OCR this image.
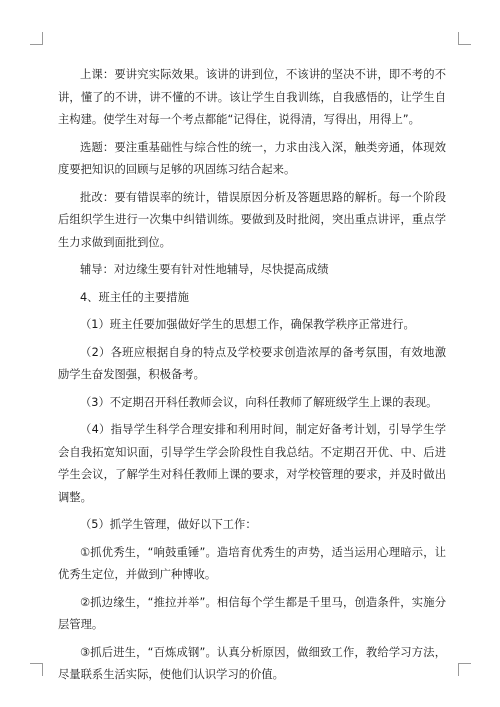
上课：要讲究实际效果。该讲的讲到位，不该讲的坚决不讲，即不考的不讲，懂了的不讲，讲不懂的不讲。该让学生自我训练，自我感悟的，让学生自主构建。使学生对每一个考点都能“记得住，说得清，写得出，用得上”。

选题：要注重基础性与综合性的统一，力求由浅入深，触类旁通，体现效度要把知识的回顾与足够的巩固练习结合起来。

批改：要有错误率的统计，错误原因分析及答题思路的解析。每一个阶段后组织学生进行一次集中纠错训练。要做到及时批阅，突出重点讲评，重点学生力求做到面批到位。

辅导：对边缘生要有针对性地辅导，尽快提高成绩

4、班主任的主要措施

（1）班主任要加强做好学生的思想工作，确保教学秩序正常进行。

（2）各班应根据自身的特点及学校要求创造浓厚的备考氛围，有效地激励学生奋发图强，积极备考。

（3）不定期召开科任教师会议，向科任教师了解班级学生上课的表现。

（4）指导学生科学合理安排和利用时间，制定好备考计划，引导学生学会自我拓宽知识面，引导学生学会阶段性自我总结。不定期召开优、中、后进学生会议，了解学生对科任教师上课的要求，对学校管理的要求，并及时做出调整。

（5）抓学生管理，做好以下工作：

①抓优秀生，“响鼓重锤”。造培育优秀生的声势，适当运用心理暗示，让优秀生定位，并做到广种博收。

②抓边缘生，“推拉并举”。相信每个学生都是千里马，创造条件，实施分层管理。

③抓后进生，“百炼成钢”。认真分析原因，做细致工作，教给学习方法，尽量联系生活实际，使他们认识学习的价值。
